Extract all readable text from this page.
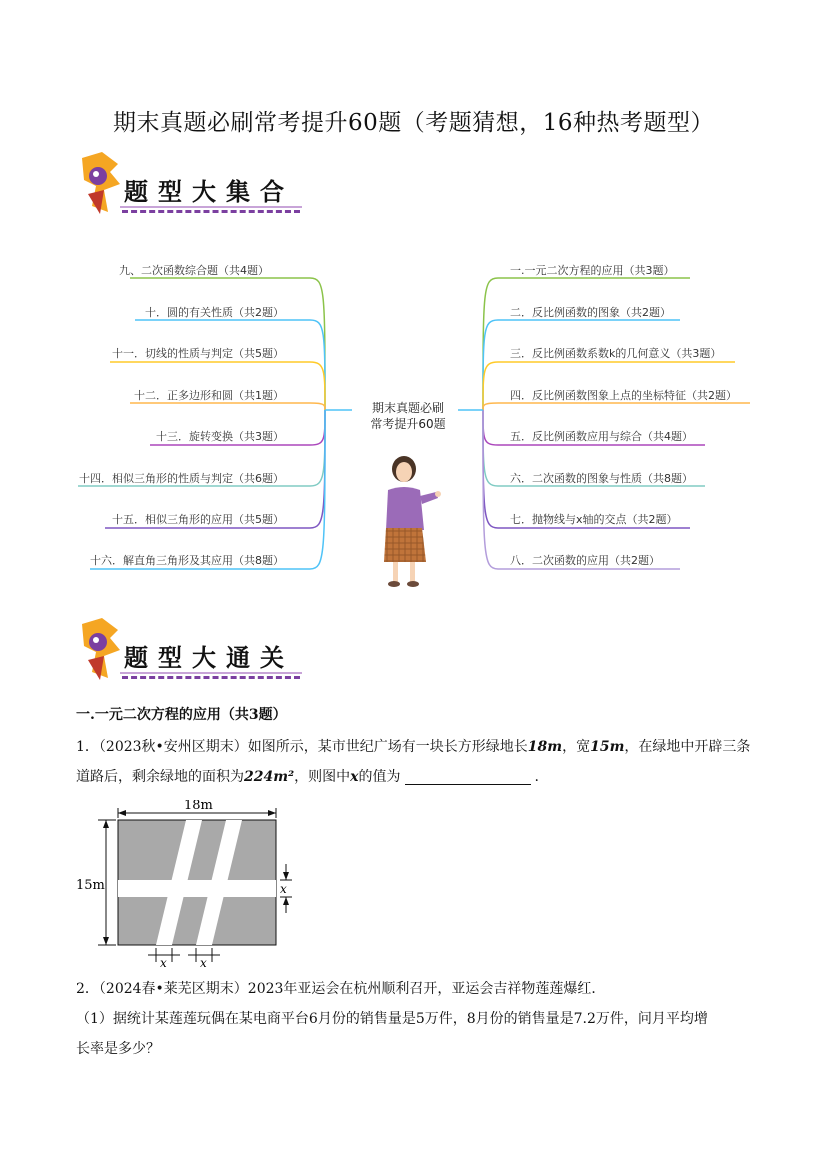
期末真题必刷常考提升60题（考题猜想，16种热考题型）
题型大集合
期末真题必刷
常考提升60题
九、二次函数综合题（共4题）
十．圆的有关性质（共2题）
十一．切线的性质与判定（共5题）
十二．正多边形和圆（共1题）
十三．旋转变换（共3题）
十四．相似三角形的性质与判定（共6题）
十五．相似三角形的应用（共5题）
十六．解直角三角形及其应用（共8题）
一.一元二次方程的应用（共3题）
二．反比例函数的图象（共2题）
三．反比例函数系数k的几何意义（共3题）
四．反比例函数图象上点的坐标特征（共2题）
五．反比例函数应用与综合（共4题）
六．二次函数的图象与性质（共8题）
七．抛物线与x轴的交点（共2题）
八．二次函数的应用（共2题）
题型大通关
一.一元二次方程的应用（共3题）
1．（2023秋•安州区期末）如图所示，某市世纪广场有一块长方形绿地长18m，宽15m，在绿地中开辟三条
道路后，剩余绿地的面积为224m²，则图中x的值为	.
18m
15m	x
x	x
2．（2024春•莱芜区期末）2023年亚运会在杭州顺利召开，亚运会吉祥物莲莲爆红．
（1）据统计某莲莲玩偶在某电商平台6月份的销售量是5万件，8月份的销售量是7.2万件，问月平均增
长率是多少？
